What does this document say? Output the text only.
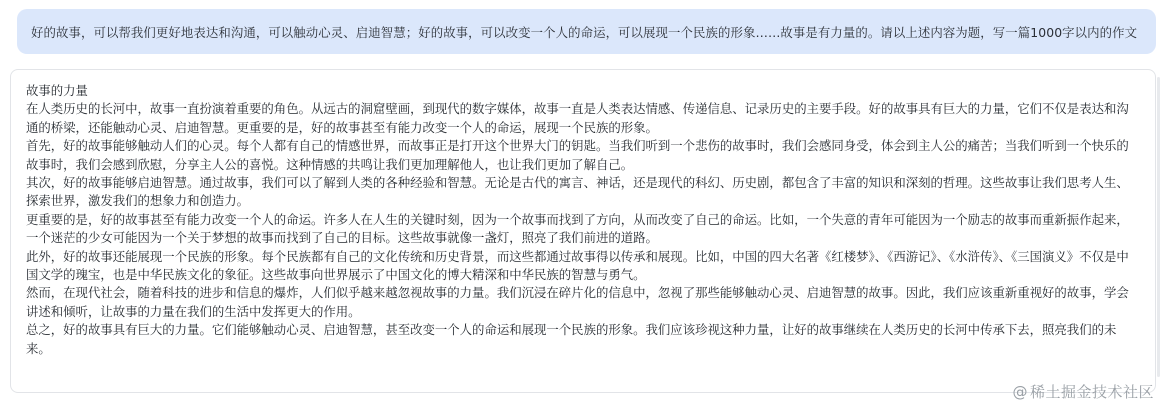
好的故事，可以帮我们更好地表达和沟通，可以触动心灵、启迪智慧；好的故事，可以改变一个人的命运，可以展现一个民族的形象……故事是有力量的。请以上述内容为题，写一篇1000字以内的作文

故事的力量

在人类历史的长河中，故事一直扮演着重要的角色。从远古的洞窟壁画，到现代的数字媒体，故事一直是人类表达情感、传递信息、记录历史的主要手段。好的故事具有巨大的力量，它们不仅是表达和沟通的桥梁，还能触动心灵、启迪智慧。更重要的是，好的故事甚至有能力改变一个人的命运，展现一个民族的形象。

首先，好的故事能够触动人们的心灵。每个人都有自己的情感世界，而故事正是打开这个世界大门的钥匙。当我们听到一个悲伤的故事时，我们会感同身受，体会到主人公的痛苦；当我们听到一个快乐的故事时，我们会感到欣慰，分享主人公的喜悦。这种情感的共鸣让我们更加理解他人，也让我们更加了解自己。

其次，好的故事能够启迪智慧。通过故事，我们可以了解到人类的各种经验和智慧。无论是古代的寓言、神话，还是现代的科幻、历史剧，都包含了丰富的知识和深刻的哲理。这些故事让我们思考人生、探索世界，激发我们的想象力和创造力。

更重要的是，好的故事甚至有能力改变一个人的命运。许多人在人生的关键时刻，因为一个故事而找到了方向，从而改变了自己的命运。比如，一个失意的青年可能因为一个励志的故事而重新振作起来，一个迷茫的少女可能因为一个关于梦想的故事而找到了自己的目标。这些故事就像一盏灯，照亮了我们前进的道路。

此外，好的故事还能展现一个民族的形象。每个民族都有自己的文化传统和历史背景，而这些都通过故事得以传承和展现。比如，中国的四大名著《红楼梦》、《西游记》、《水浒传》、《三国演义》不仅是中国文学的瑰宝，也是中华民族文化的象征。这些故事向世界展示了中国文化的博大精深和中华民族的智慧与勇气。

然而，在现代社会，随着科技的进步和信息的爆炸，人们似乎越来越忽视故事的力量。我们沉浸在碎片化的信息中，忽视了那些能够触动心灵、启迪智慧的故事。因此，我们应该重新重视好的故事，学会讲述和倾听，让故事的力量在我们的生活中发挥更大的作用。

总之，好的故事具有巨大的力量。它们能够触动心灵、启迪智慧，甚至改变一个人的命运和展现一个民族的形象。我们应该珍视这种力量，让好的故事继续在人类历史的长河中传承下去，照亮我们的未来。

@ 稀土掘金技术社区
